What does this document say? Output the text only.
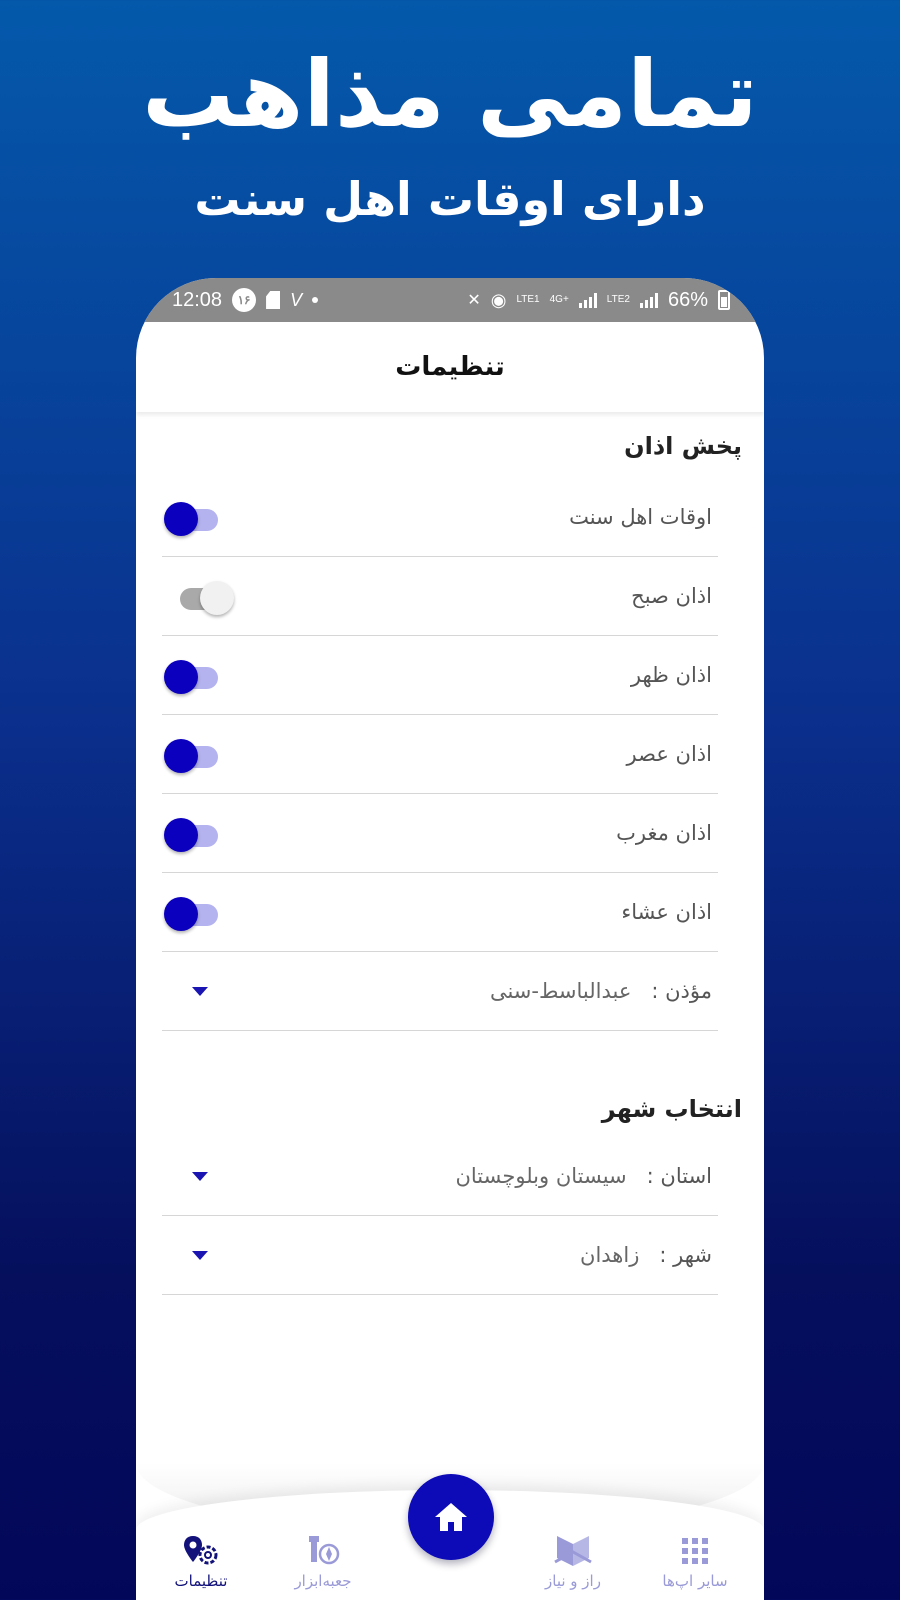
تمامی مذاهب
دارای اوقات اهل سنت
12:08	۱۶	V	✕ ◉ LTE1 4G+	LTE2 66%
تنظیمات
پخش اذان
اوقات اهل سنت
اذان صبح
اذان ظهر
اذان عصر
اذان مغرب
اذان عشاء
مؤذن :
عبدالباسط-سنی
انتخاب شهر
استان :
سیستان وبلوچستان
شهر :
زاهدان
تنظیمات	جعبه‌ابزار	راز و نیاز	سایر اپ‌ها
